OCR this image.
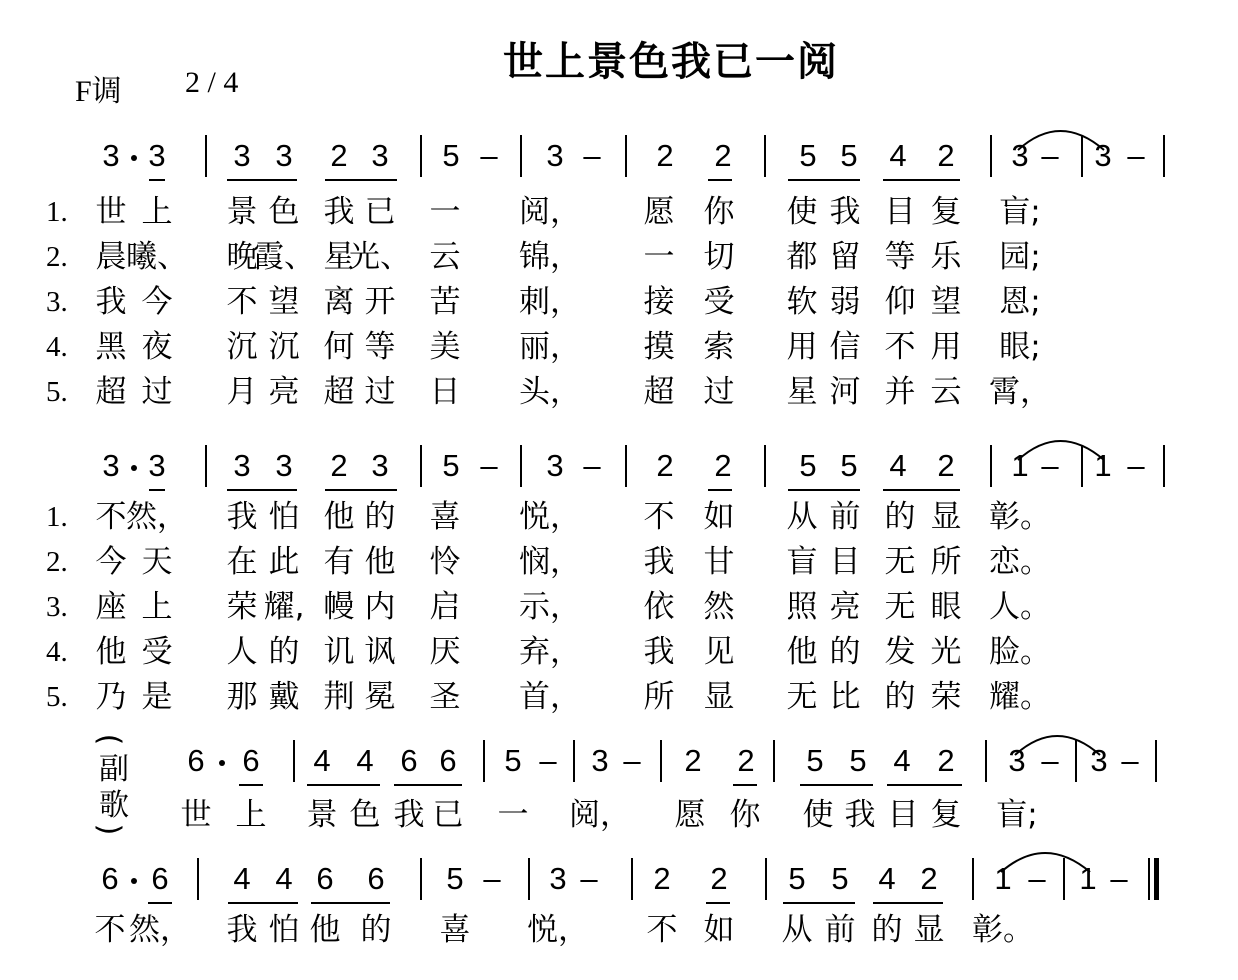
世上景色我已一阅
F调 2 / 4
3 3 3 3 2 3 5	3	2 2 5 5 4 2 3 3
–	–	– –
1. 世 上 景 色 我 已 一 阅， 愿 你 使 我 目 复 盲;
2. 晨 曦、 晚
霞、 星
光、 云 锦， 一 切 都 留 等 乐 园;
3. 我 今 不 望 离 开 苦 刺， 接 受 软 弱 仰 望 恩;
4. 黑 夜 沉 沉 何 等 美 丽， 摸 索 用 信 不 用 眼;
5. 超 过 月 亮 超 过 日 头， 超 过 星 河 并 云 霄，
3 3 3 3 2 3 5	3	2 2 5 5 4 2 1 1
–	–	– –
1. 不 然， 我 怕 他 的 喜 悦， 不 如 从 前 的 显 彰。
2. 今 天 在 此 有 他 怜 悯， 我 甘 盲 目 无 所 恋。
3. 座 上 荣 耀, 幔 内 启 示， 依 然 照 亮 无 眼 人。
4. 他 受 人 的 讥 讽 厌 弃， 我 见 他 的 发 光 脸。
5. 乃 是 那 戴 荆 冕 圣 首， 所 显 无 比 的 荣 耀。
6 6 4 4 6 6 5 3 2 2 5 5 4 2 3 3
– –	– –
世 上 景 色 我 已 一 阅， 愿 你 使 我 目 复 盲;
6 6 4 4 6 6 5	3	2 2 5 5 4 2 1 1
–	–	– –
不 然， 我 怕 他 的 喜 悦， 不 如 从 前 的 显 彰。
(
副
歌
)
